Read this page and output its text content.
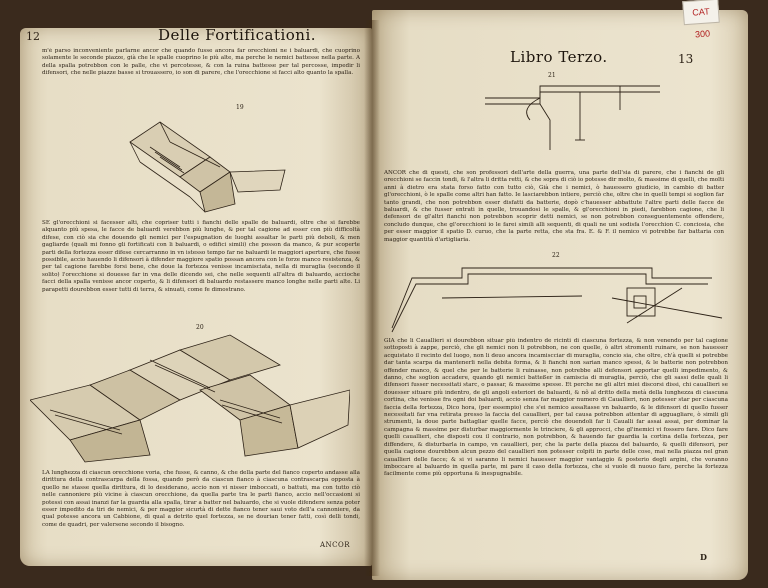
12	Delle Fortificationi.
m'è parso inconveniente parlarne ancor che quando fusse ancora far orecchioni ne i baluardi, che cuoprino solamente le seconde piazze, già che le spalle cuoprino le più alte, ma perche le nemici battesse nella parte. A della spalla potrebbon con le palle, che vi percotesse, & con la ruina battesse per tal percosse, impedir li difensori, che nelle piazze basse si trouassero, io son di parere, che l'orecchione si facci alto quanto la spalla.
19
SE gl'orecchioni si facesser alti, che copriser tutti i fianchi delle spalle de baluardi, oltre che si farebbe alquanto più spesa, le facce de baluardi verebbon più lunghe, & per tal cagione ad esser con più difficoltà difese, con ciò sia che douendo gli nemici per l'espugnation de luoghi assaltar le parti più deboli, & men gagliarde (quali mi fonno gli fortificati con li baluardi, o edifici simili) che posson da manco, & pur scoperte parti della fortezza esser difese cercarranno in vn istesso tempo far ne baluardi le maggiori aperture, che fusse possibile, accio hauendo li difensori à difender maggiore spatio possan ancora con le forze manco resistenza, & per tal cagione farebbe forsi bene, che doue la fortezza venisse incamisciata, nella di muraglia (secondo il solito) l'orecchione si douesse far in vna delle dicendo sei, che nelle sequenti all'altra di baluardo, accioche facci della spalla venisse ancor coperto, & li difensori di baluardo restassere manco longhe nelle parti alte. Li parapetti dourebbon esser tutti di terra, & sinuati, come fe dimostrano.
20
LA lunghezza di ciascun orecchione voria, che fusse, & canno, & che della parte del fianco coperto andasse alla dirittura della contrascarpa della fossa, quando però da ciascun fianco à ciascuna contrascarpa opposta à quello ne stasse quella dirittura, di lo desiderano, accio non vi nisser imboccati, o battuti, ma con tutto ciò nelle cannoniere più vicine à ciascun orecchione, da quella parte tra le parti fianco, accio nell'occasioni si potessi con assai inanzi far la guardia alla spalla, tirar a batter nel baluardo, che si vuole difendere senza poter esser impedito da tiri de nemici, & per maggior sicurtà di dette fianco tener saui voto dell'a cannoniere, da qual potesse ancora un Cabbione, di qual a detrito quel fortezza, se ne dourian tener fatti, così delli tondi, come de quadri, per valersene secondo il bisogno.
ANCOR
Libro Terzo.	13
21
ANCOR che di questi, che son professori dell'arte della guerra, una parte dell'sia di parere, che i fianchi de gli orecchioni se faccin tondi, & l'altra li dritta retti, & che sopra di ciò io potesse dir molto, & massime di quelli, che molti anni à dietro era stata forso fatto con tutto ciò, Già che i nemici, ò hauessero giudicio, in cambio di batter gl'orecchioni, ò le spalle come altri han fatto. Ie lasciarebbon intiere, perciò che, oltre che in quelli tempi si soglion far tanto grandi, che non potrebbon esser disfatti da batterie, dopò c'hauesser abbattute l'altre parti delle facce de baluardi, & che fusser entrati in quelle, trouandosi le spalle, & gl'orecchioni in piedi, farebbon cagione, che li defensori de gl'altri fianchi non potrebbon scoprir detti nemici, se non potrebbon conseguentemente offendere, concludo dunque, che gl'orecchioni io le farei simili alli sequenti, di quali ne uni sodisfa l'orecchion C. conciosia, che per esser maggior il spatio D. curuo, che la parte retta, che sta fra. E. & F. il nemico vi potrebbe far battaria con maggior quantità d'artigliaria.
22
GIA che li Cauallieri si dourebbon situar più indentro de ricinti di ciascuna fortezza, & non venendo per tal cagione sottoposti à zappe, perciò, che gli nemici non li potrebbon, ne con quelle, ò altri stromenti ruinare, se non hauesser acquistato il recinto del luogo, non li deuo ancora incamiscciar di muraglia, concio sia, che oltre, ch'à quelli si potrebbe dar tanta scarpa da mantenerli nella debita forma, & li fianchi non sarian manco spessi, & le batterie non potrebbon offender manco, & quel che per le batterie li ruinasse, non potrebbe alli defensori apportar quelli impedimento, & danno, che soglion accadere, quando gli nemici batteßer in camiscia di muraglia, perciò, che gli sassi delle quali li difensori fusser necessitati starc, o passar, & massime spesse. Et perche ne gli altri miei discorsi dissi, chi cauallieri se douesser situare più indentro, de gli angoli esteriori de baluardi, & nõ al dritto della metà della lunghezza di ciascuna cortina, che venisse fra ogni doi baluardi, accio senza far maggior numero di Cauallieri, non potesser star per ciascuna faccia della fortezza, Dico hora, (per essempio) che s'ei nemico assaltasse vn baluardo, & le difensori di quello fusser necessitati far vna retirata presso la faccia del cauallieri, per tal causa potrebbon attentar di agguagliare, ò simili gli strumenti, la doue parte battagliar quelle facce, perciò che douendoli far li Caualli far assai assai, per dominar la campagna & massime per disturbar maggiormente le trinciere, & gli approcci, che gl'inemici vi fossero fare. Dico fare quelli cauallieri, che disposti cou il contrario, non potrebbon, & hauendo far guardia la cortina della fortezza, per diffendere, & disturbarla in campo, vn cauallieri, per, che la parte della piazza del baluardo, & quelli difensori, per quella cagione dourebbon alcun pezzo del cauallieri non potesser colpiti in parte delle cose, mai nella piazza nel gran cauallieri delle facce; & si vi saranno li nemici hauesser maggior vantaggio & posterio degli argini, che voranno imboccare al baluardo in quella parte, mi pare il caso della fortezza, che si vuole di nuouo fare, perche la fortezza facilmente come più opportuna & inespugnabile.
D
CAT 300
